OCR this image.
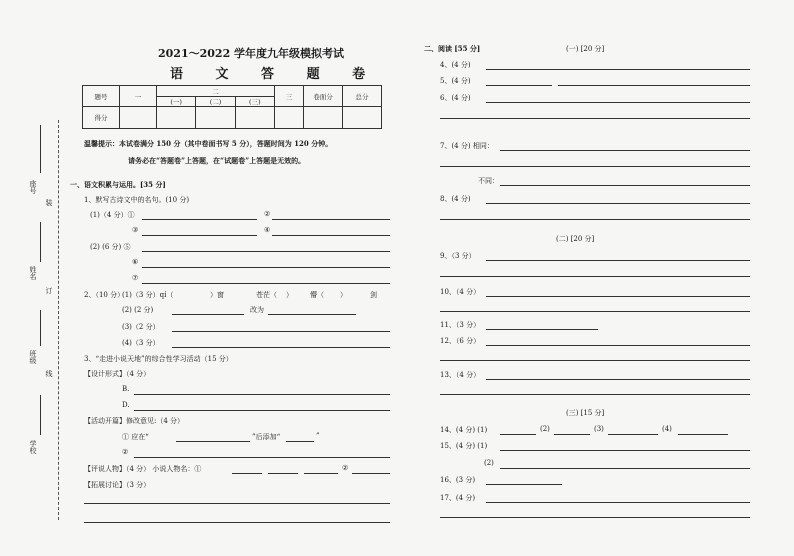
2021～2022 学年度九年级模拟考试
语 文 答 题 卷
题号	一	二			三	卷面分	总分
		(一)	(二)	(三)			
得分							
温馨提示：本试卷满分 150 分（其中卷面书写 5 分），答题时间为 120 分钟。
请务必在“答题卷”上答题，在“试题卷”上答题是无效的。
座号
装
姓名
订
班级
线
学校
一、语文积累与运用。[35 分]
1、默写古诗文中的名句。(10 分)
(1)（4 分）①	②
③	④
(2) (6 分) ⑤
⑥
⑦
2、（10 分）
(1)（3 分）qí（	）窗	苍茫（ ） 懵（ ）	剑
(2) (2 分)	改为
(3)（2 分）
(4)（3 分）
3、“走进小说天地”的综合性学习活动（15 分）
【设计形式】（4 分）
B.
D.
【活动开篇】修改意见:（4 分）
① 应在“	”后添加“	”
②
【评说人物】（4 分） 小说人物名：①	②
【拓展讨论】（3 分）
二、阅读 [55 分]	(一) [20 分]
4、(4 分)
5、(4 分)
6、(4 分)
7、(4 分) 相同：
不同：
8、(4 分)
(二) [20 分]
9、（3 分）
10、（4 分）
11、（3 分）
12、（6 分）
13、（4 分）
(三) [15 分]
14、(4 分) (1)	(2)	(3)	(4)
15、(4 分) (1)
(2)
16、(3 分)
17、(4 分)
